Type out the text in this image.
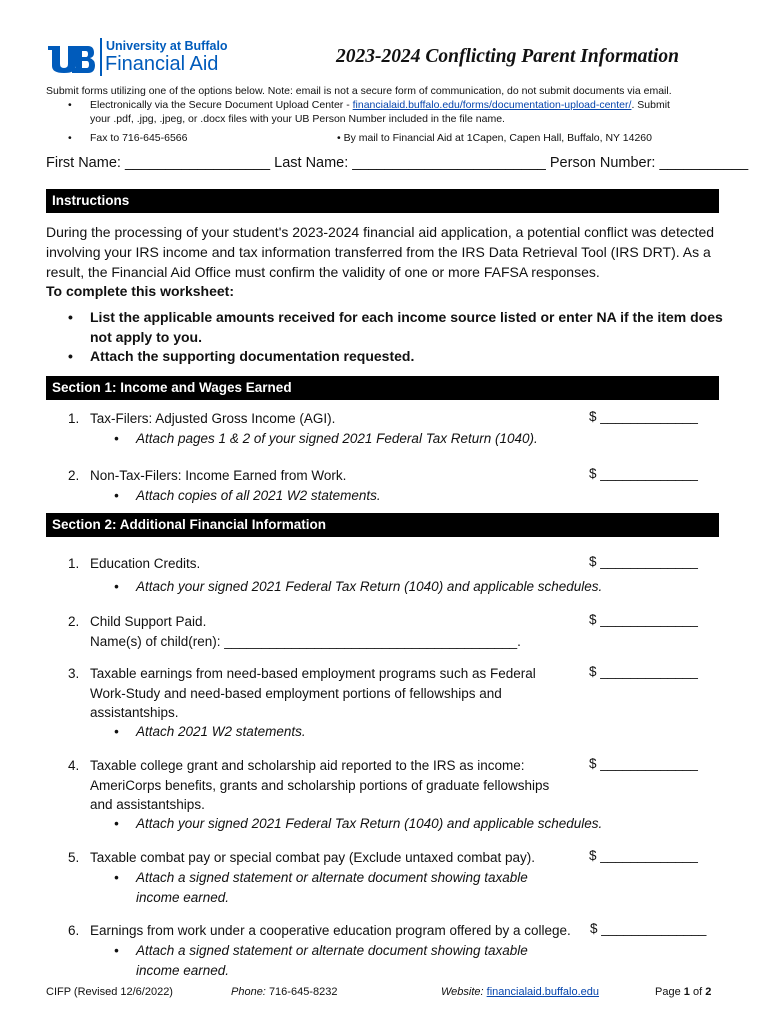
University at Buffalo
Financial Aid	2023-2024 Conflicting Parent Information
Submit forms utilizing one of the options below. Note: email is not a secure form of communication, do not submit documents via email.
• Electronically via the Secure Document Upload Center - financialaid.buffalo.edu/forms/documentation-upload-center/. Submit
your .pdf, .jpg, .jpeg, or .docx files with your UB Person Number included in the file name.
• Fax to 716-645-6566	• By mail to Financial Aid at 1Capen, Capen Hall, Buffalo, NY 14260
First Name: __________________ Last Name: ________________________ Person Number: ___________
Instructions
During the processing of your student's 2023-2024 financial aid application, a potential conflict was detected involving your IRS income and tax information transferred from the IRS Data Retrieval Tool (IRS DRT). As a result, the Financial Aid Office must confirm the validity of one or more FAFSA responses.
To complete this worksheet:
• List the applicable amounts received for each income source listed or enter NA if the item does not apply to you.
• Attach the supporting documentation requested.
Section 1: Income and Wages Earned
1. Tax-Filers: Adjusted Gross Income (AGI).
• Attach pages 1 & 2 of your signed 2021 Federal Tax Return (1040).
$ _____________
2. Non-Tax-Filers: Income Earned from Work.
• Attach copies of all 2021 W2 statements.
$ _____________
Section 2: Additional Financial Information
1. Education Credits.
• Attach your signed 2021 Federal Tax Return (1040) and applicable schedules.
$ _____________
2. Child Support Paid.
Name(s) of child(ren): _______________________________________.
$ _____________
3. Taxable earnings from need-based employment programs such as Federal Work-Study and need-based employment portions of fellowships and assistantships.
• Attach 2021 W2 statements.
$ _____________
4. Taxable college grant and scholarship aid reported to the IRS as income: AmeriCorps benefits, grants and scholarship portions of graduate fellowships and assistantships.
• Attach your signed 2021 Federal Tax Return (1040) and applicable schedules.
$ _____________
5. Taxable combat pay or special combat pay (Exclude untaxed combat pay).
• Attach a signed statement or alternate document showing taxable income earned.
$ _____________
6. Earnings from work under a cooperative education program offered by a college.
• Attach a signed statement or alternate document showing taxable income earned.
$ ______________
CIFP (Revised 12/6/2022)	Phone: 716-645-8232	Website: financialaid.buffalo.edu	Page 1 of 2
